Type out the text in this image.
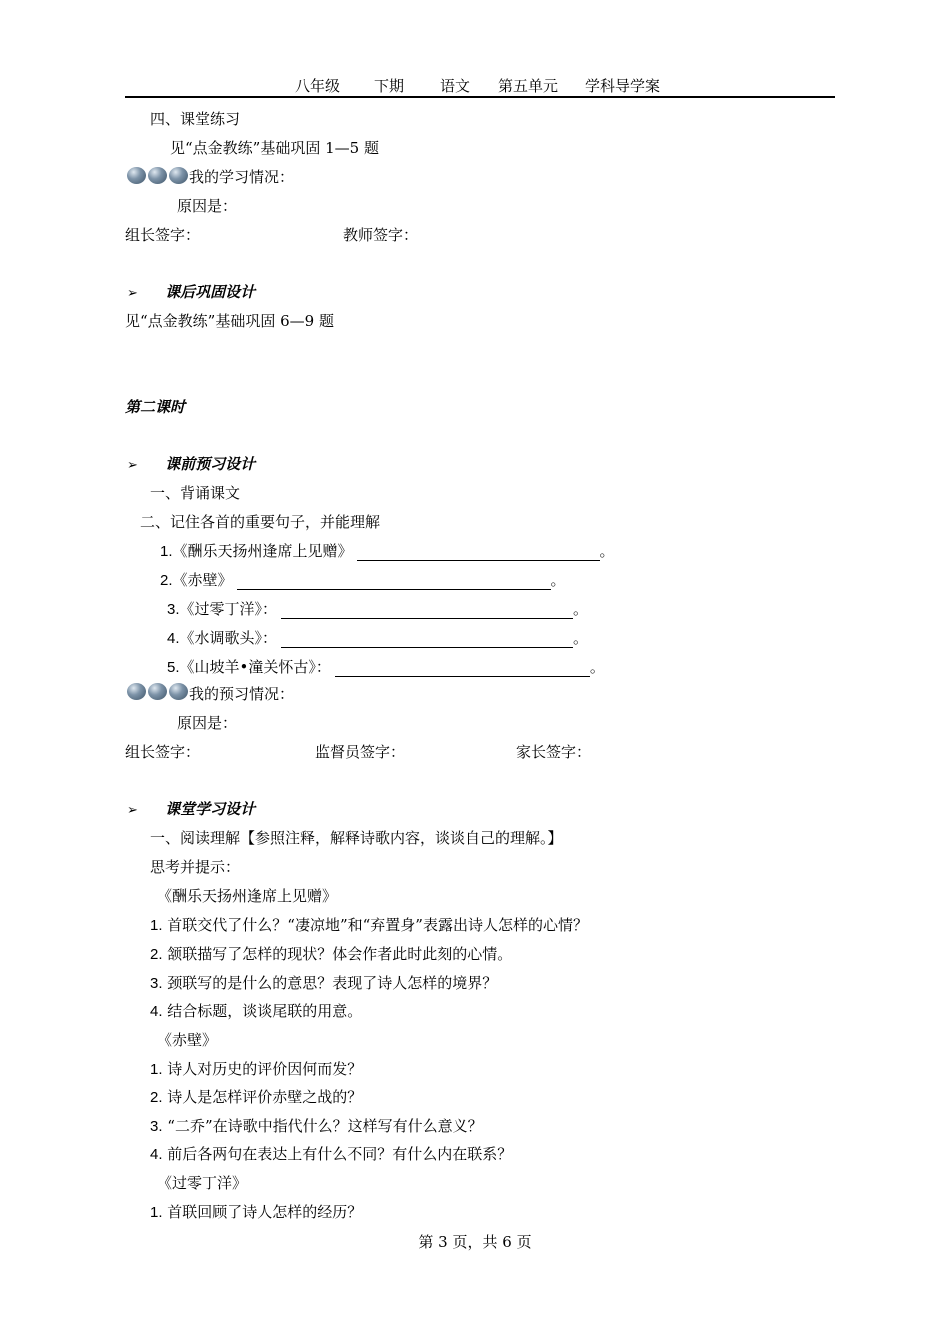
八年级 下期 语文 第五单元 学科导学案
四、课堂练习
见“点金教练”基础巩固 1—5 题
我的学习情况：
原因是：
组长签字：	教师签字：
➢ 课后巩固设计
见“点金教练”基础巩固 6—9 题
第二课时
➢ 课前预习设计
一、背诵课文
二、记住各首的重要句子，并能理解
1.《酬乐天扬州逢席上见赠》	。
2.《赤壁》	。
3.《过零丁洋》：	。
4.《水调歌头》：	。
5.《山坡羊•潼关怀古》：	。
我的预习情况：
原因是：
组长签字：	监督员签字：	家长签字：
➢ 课堂学习设计
一、阅读理解【参照注释，解释诗歌内容，谈谈自己的理解。】
思考并提示：
《酬乐天扬州逢席上见赠》
1. 首联交代了什么？“凄凉地”和“弃置身”表露出诗人怎样的心情？
2. 颔联描写了怎样的现状？体会作者此时此刻的心情。
3. 颈联写的是什么的意思？表现了诗人怎样的境界？
4. 结合标题，谈谈尾联的用意。
《赤壁》
1. 诗人对历史的评价因何而发？
2. 诗人是怎样评价赤壁之战的？
3. “二乔”在诗歌中指代什么？这样写有什么意义？
4. 前后各两句在表达上有什么不同？有什么内在联系？
《过零丁洋》
1. 首联回顾了诗人怎样的经历？
第 3 页，共 6 页
